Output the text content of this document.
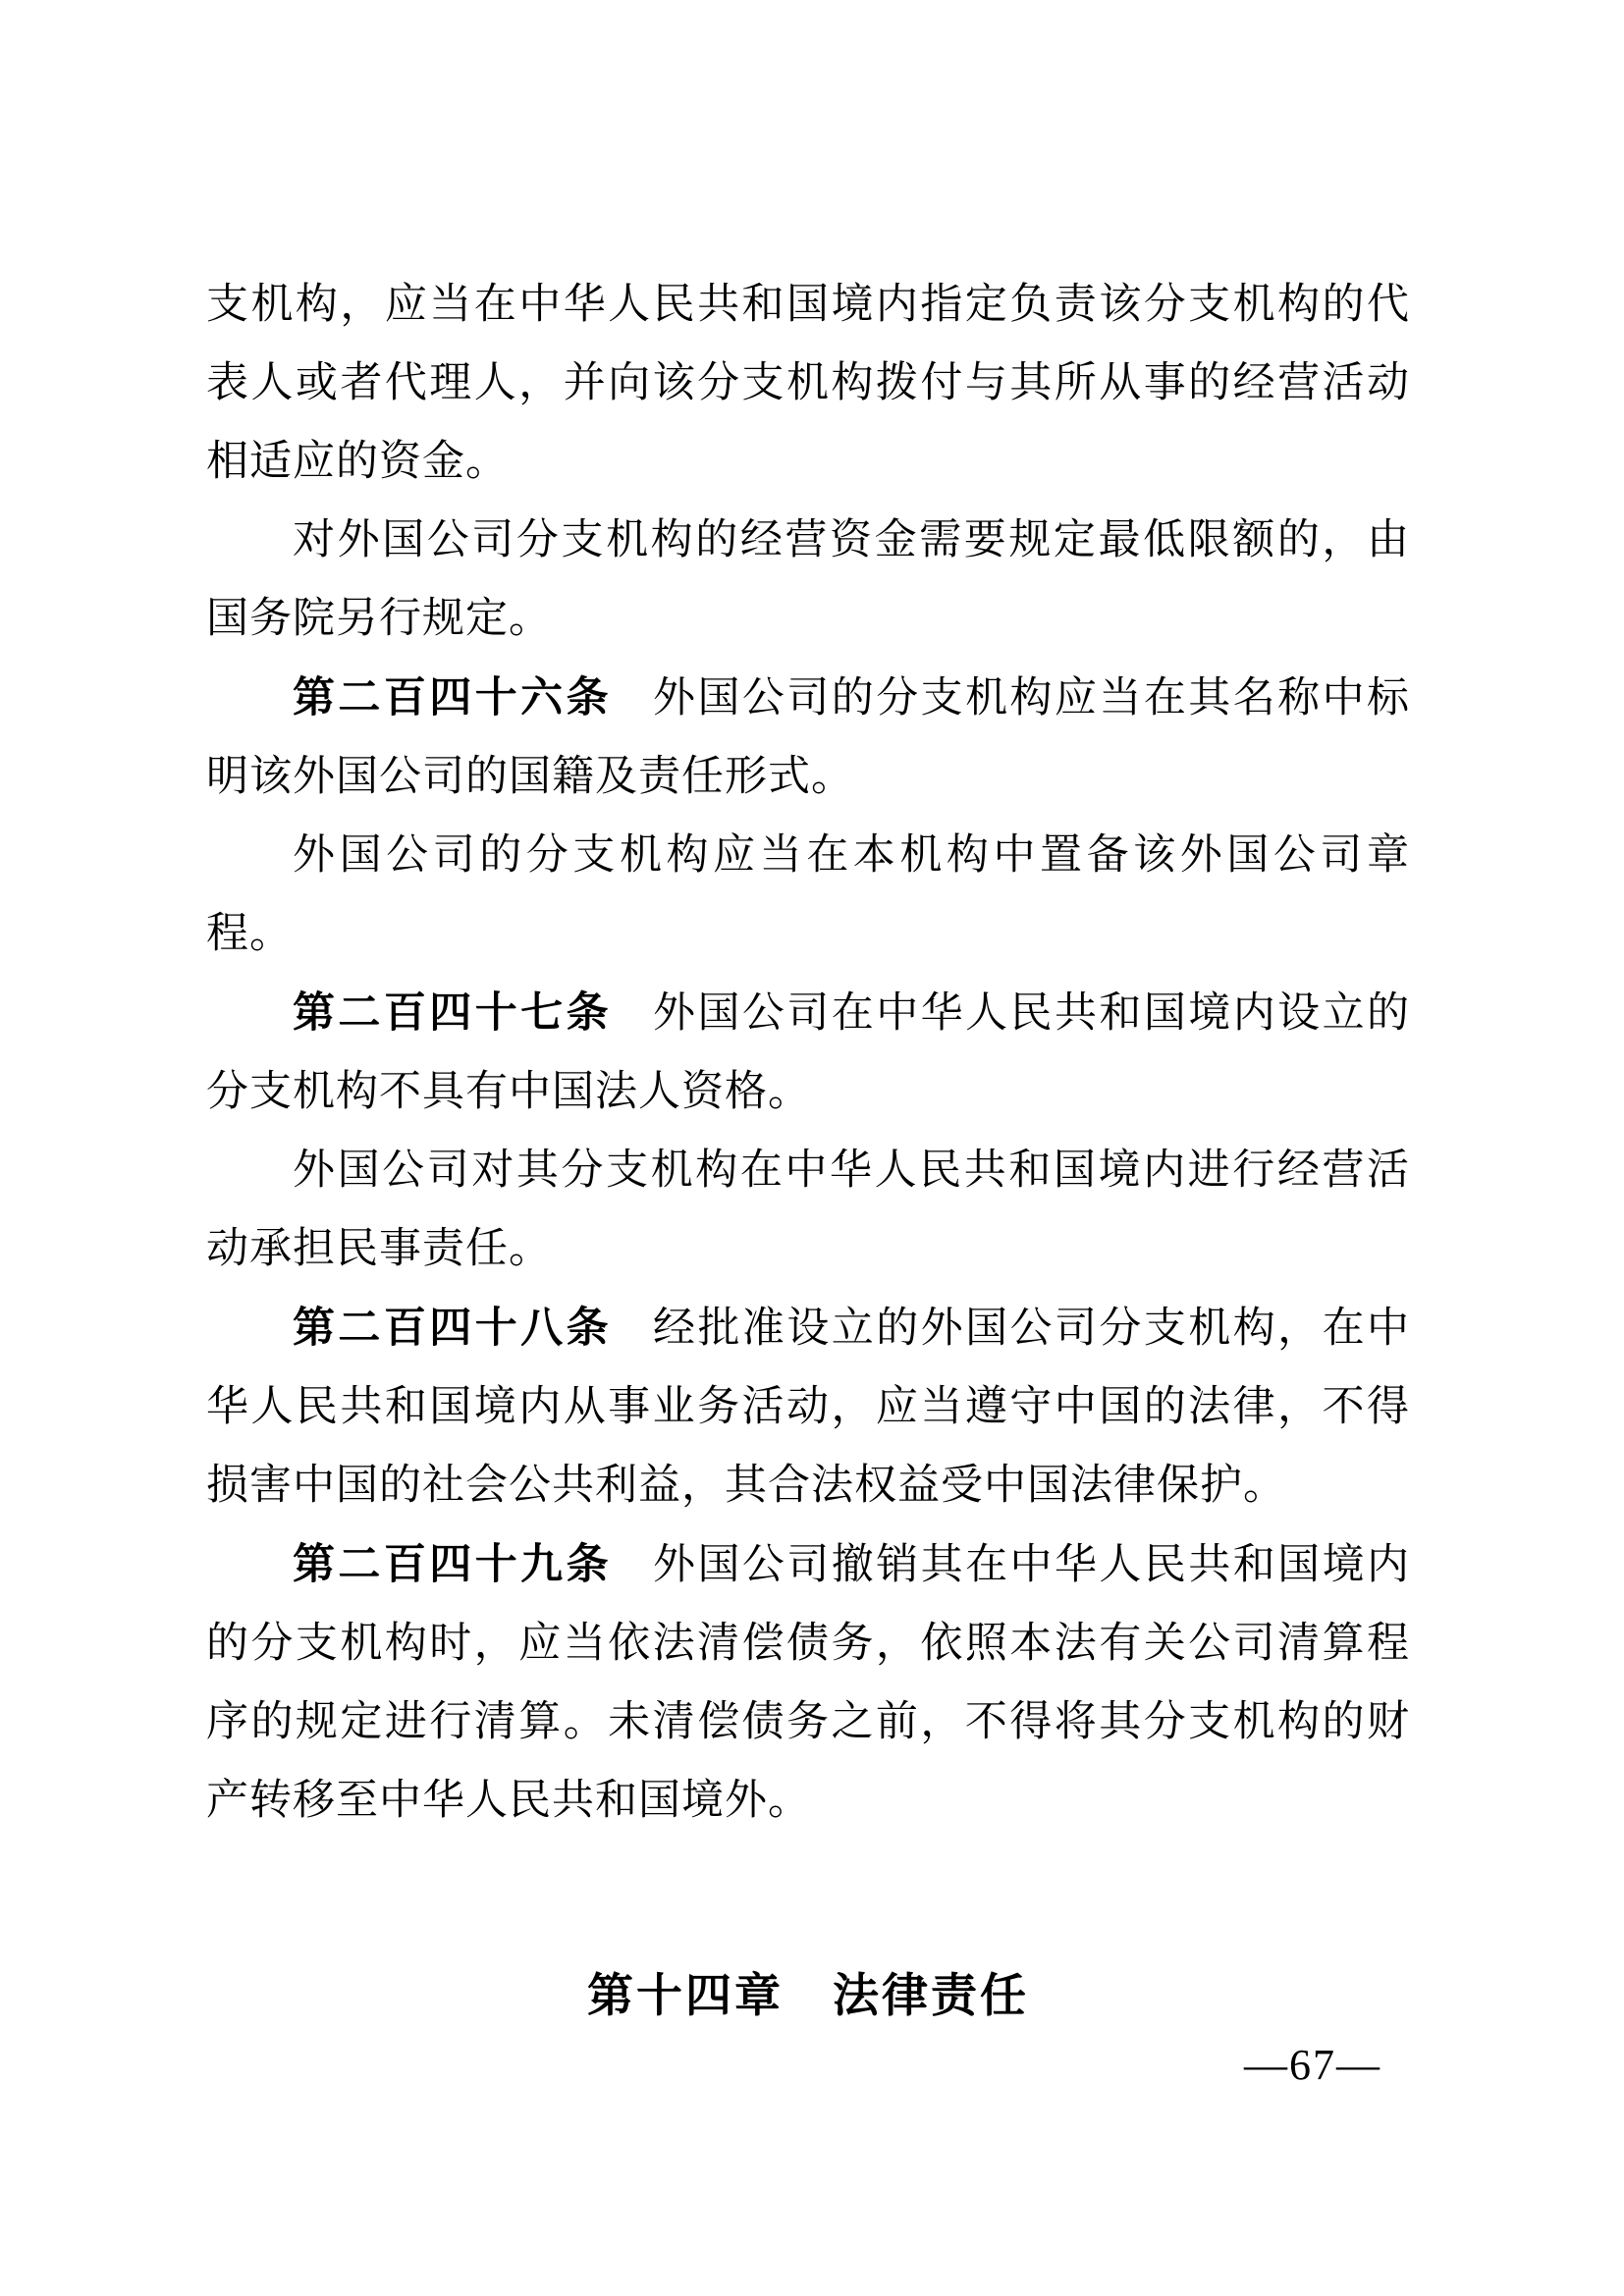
支机构，应当在中华人民共和国境内指定负责该分支机构的代表人或者代理人，并向该分支机构拨付与其所从事的经营活动相适应的资金。

对外国公司分支机构的经营资金需要规定最低限额的，由国务院另行规定。

第二百四十六条 外国公司的分支机构应当在其名称中标明该外国公司的国籍及责任形式。

外国公司的分支机构应当在本机构中置备该外国公司章程。

第二百四十七条 外国公司在中华人民共和国境内设立的分支机构不具有中国法人资格。

外国公司对其分支机构在中华人民共和国境内进行经营活动承担民事责任。

第二百四十八条 经批准设立的外国公司分支机构，在中华人民共和国境内从事业务活动，应当遵守中国的法律，不得损害中国的社会公共利益，其合法权益受中国法律保护。

第二百四十九条 外国公司撤销其在中华人民共和国境内的分支机构时，应当依法清偿债务，依照本法有关公司清算程序的规定进行清算。未清偿债务之前，不得将其分支机构的财产转移至中华人民共和国境外。

第十四章　法律责任
—67—
